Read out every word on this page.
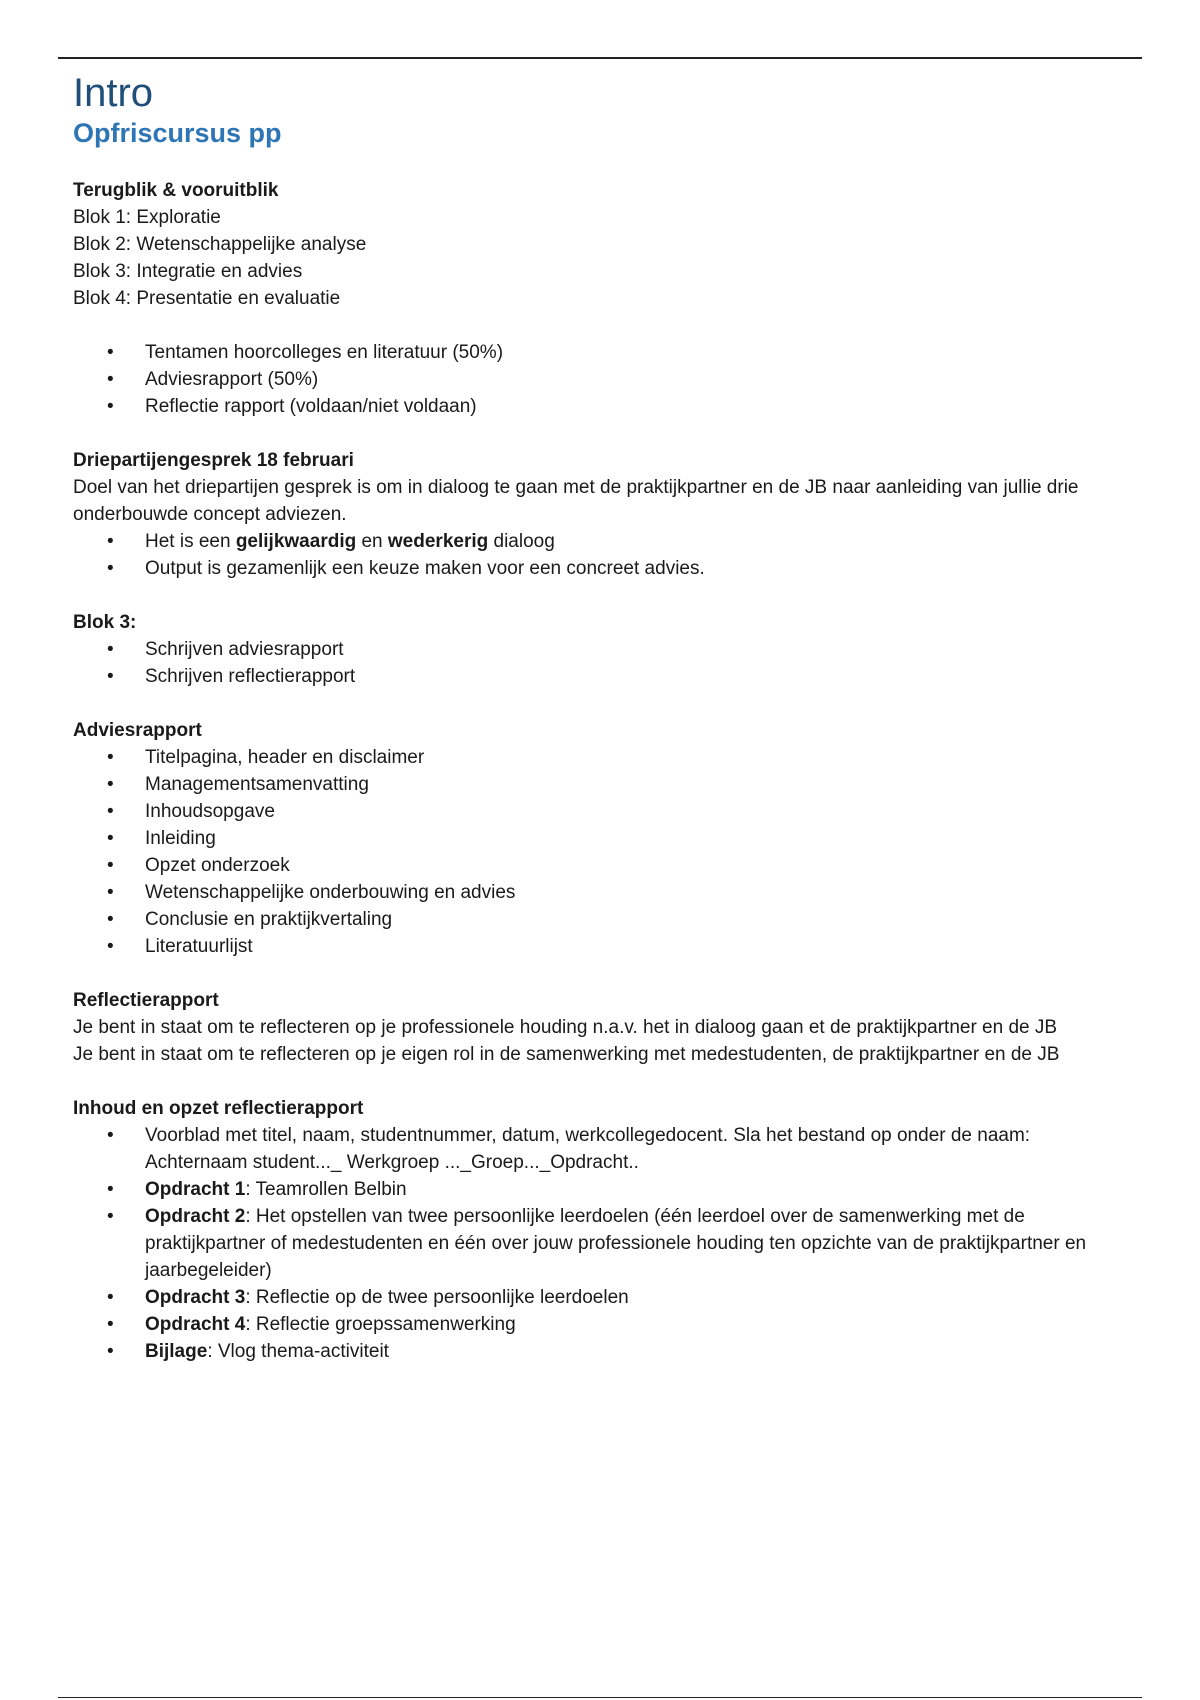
Intro
Opfriscursus pp
Terugblik & vooruitblik
Blok 1: Exploratie
Blok 2: Wetenschappelijke analyse
Blok 3: Integratie en advies
Blok 4: Presentatie en evaluatie
• Tentamen hoorcolleges en literatuur (50%)
• Adviesrapport (50%)
• Reflectie rapport (voldaan/niet voldaan)
Driepartijengesprek 18 februari
Doel van het driepartijen gesprek is om in dialoog te gaan met de praktijkpartner en de JB naar aanleiding van jullie drie onderbouwde concept adviezen.
• Het is een gelijkwaardig en wederkerig dialoog
• Output is gezamenlijk een keuze maken voor een concreet advies.
Blok 3:
• Schrijven adviesrapport
• Schrijven reflectierapport
Adviesrapport
• Titelpagina, header en disclaimer
• Managementsamenvatting
• Inhoudsopgave
• Inleiding
• Opzet onderzoek
• Wetenschappelijke onderbouwing en advies
• Conclusie en praktijkvertaling
• Literatuurlijst
Reflectierapport
Je bent in staat om te reflecteren op je professionele houding n.a.v. het in dialoog gaan et de praktijkpartner en de JB
Je bent in staat om te reflecteren op je eigen rol in de samenwerking met medestudenten, de praktijkpartner en de JB
Inhoud en opzet reflectierapport
• Voorblad met titel, naam, studentnummer, datum, werkcollegedocent. Sla het bestand op onder de naam: Achternaam student..._ Werkgroep ..._Groep..._Opdracht..
• Opdracht 1: Teamrollen Belbin
• Opdracht 2: Het opstellen van twee persoonlijke leerdoelen (één leerdoel over de samenwerking met de praktijkpartner of medestudenten en één over jouw professionele houding ten opzichte van de praktijkpartner en jaarbegeleider)
• Opdracht 3: Reflectie op de twee persoonlijke leerdoelen
• Opdracht 4: Reflectie groepssamenwerking
• Bijlage: Vlog thema-activiteit
